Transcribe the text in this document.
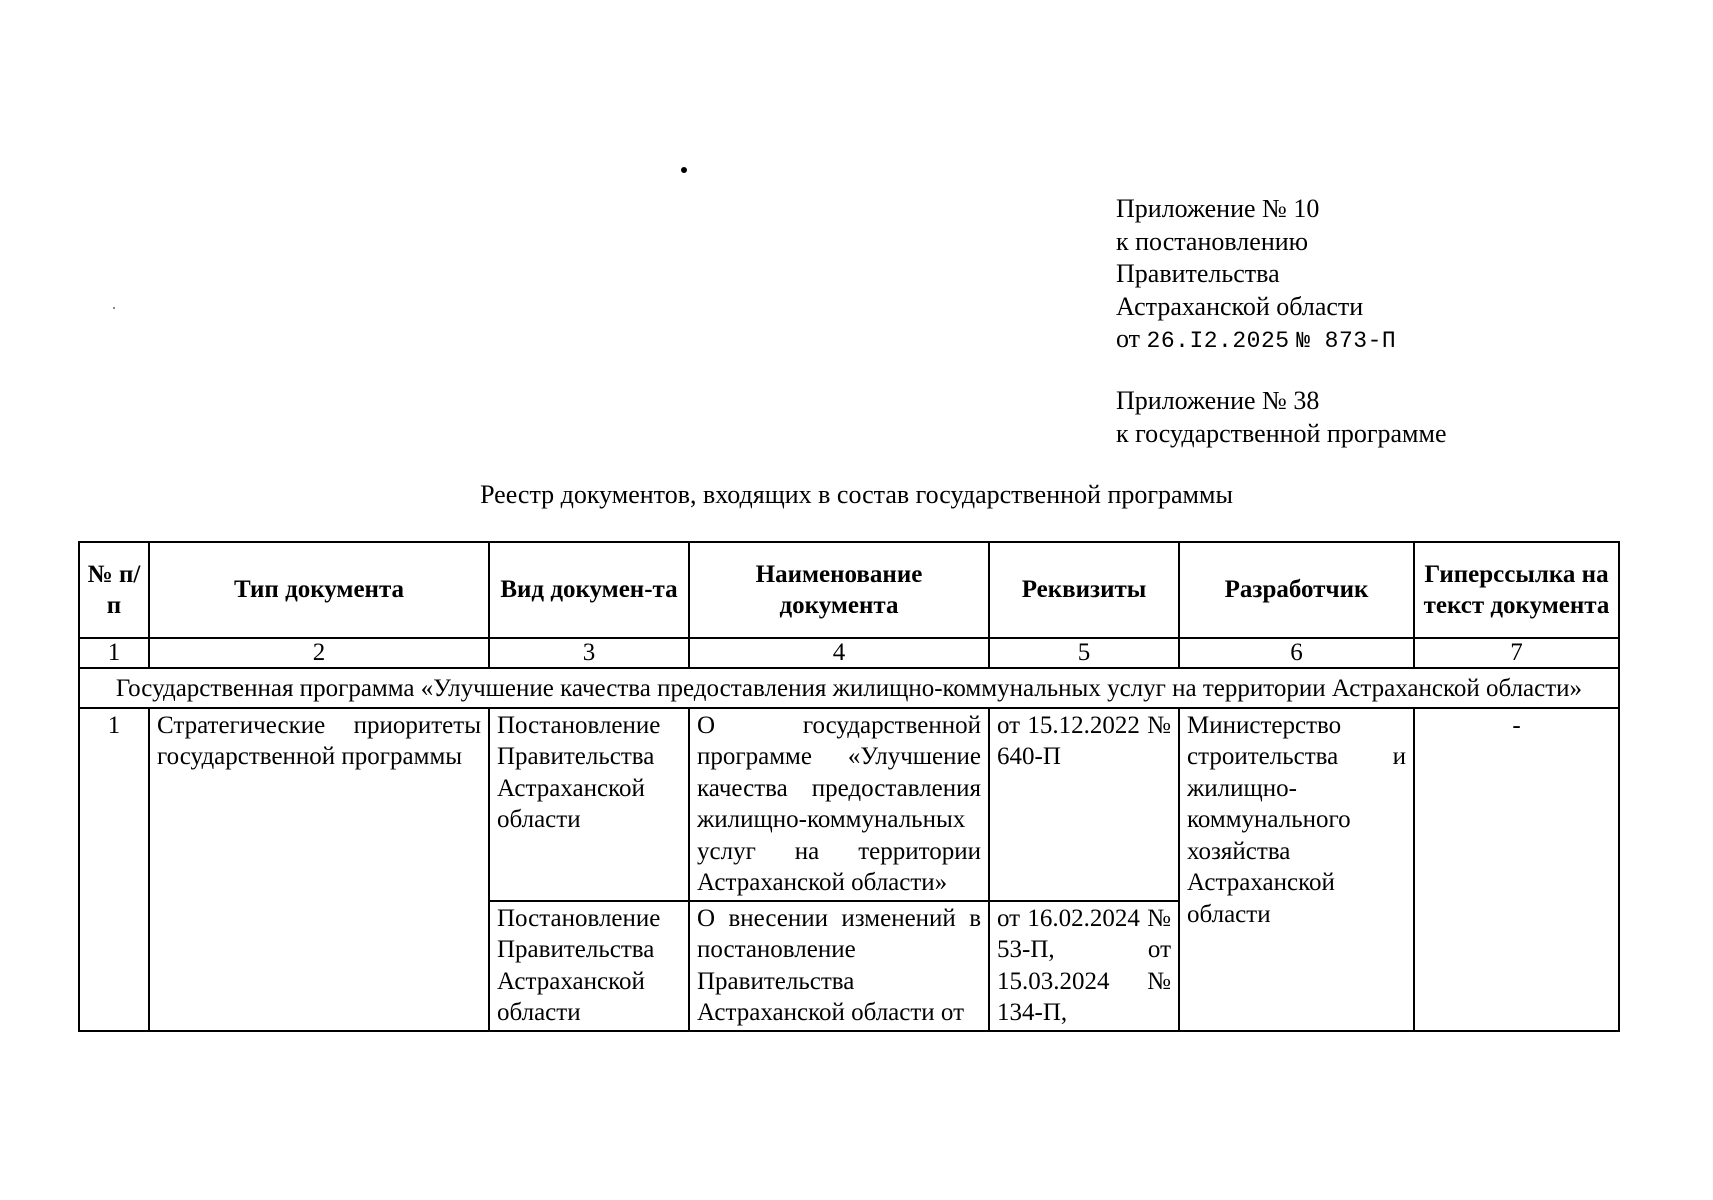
Приложение № 10
к постановлению
Правительства
Астраханской области
от 26.I2.2025 № 873-П
Приложение № 38
к государственной программе
Реестр документов, входящих в состав государственной программы
№ п/п	Тип документа	Вид докумен-та	Наименование документа	Реквизиты	Разработчик	Гиперссылка на текст документа
1	2	3	4	5	6	7
Государственная программа «Улучшение качества предоставления жилищно-коммунальных услуг на территории Астраханской области»						
1	Стратегические приоритеты государственной программы	Постановление Правительства Астраханской области	О государственной программе «Улучшение качества предоставления жилищно-коммунальных услуг на территории Астраханской области»	от 15.12.2022 № 640-П	Министерство строительства и жилищно-коммунального хозяйства Астраханской области	-
		Постановление Правительства Астраханской области	О внесении изменений в постановление Правительства Астраханской области от	от 16.02.2024 № 53-П, от 15.03.2024 № 134-П,		
